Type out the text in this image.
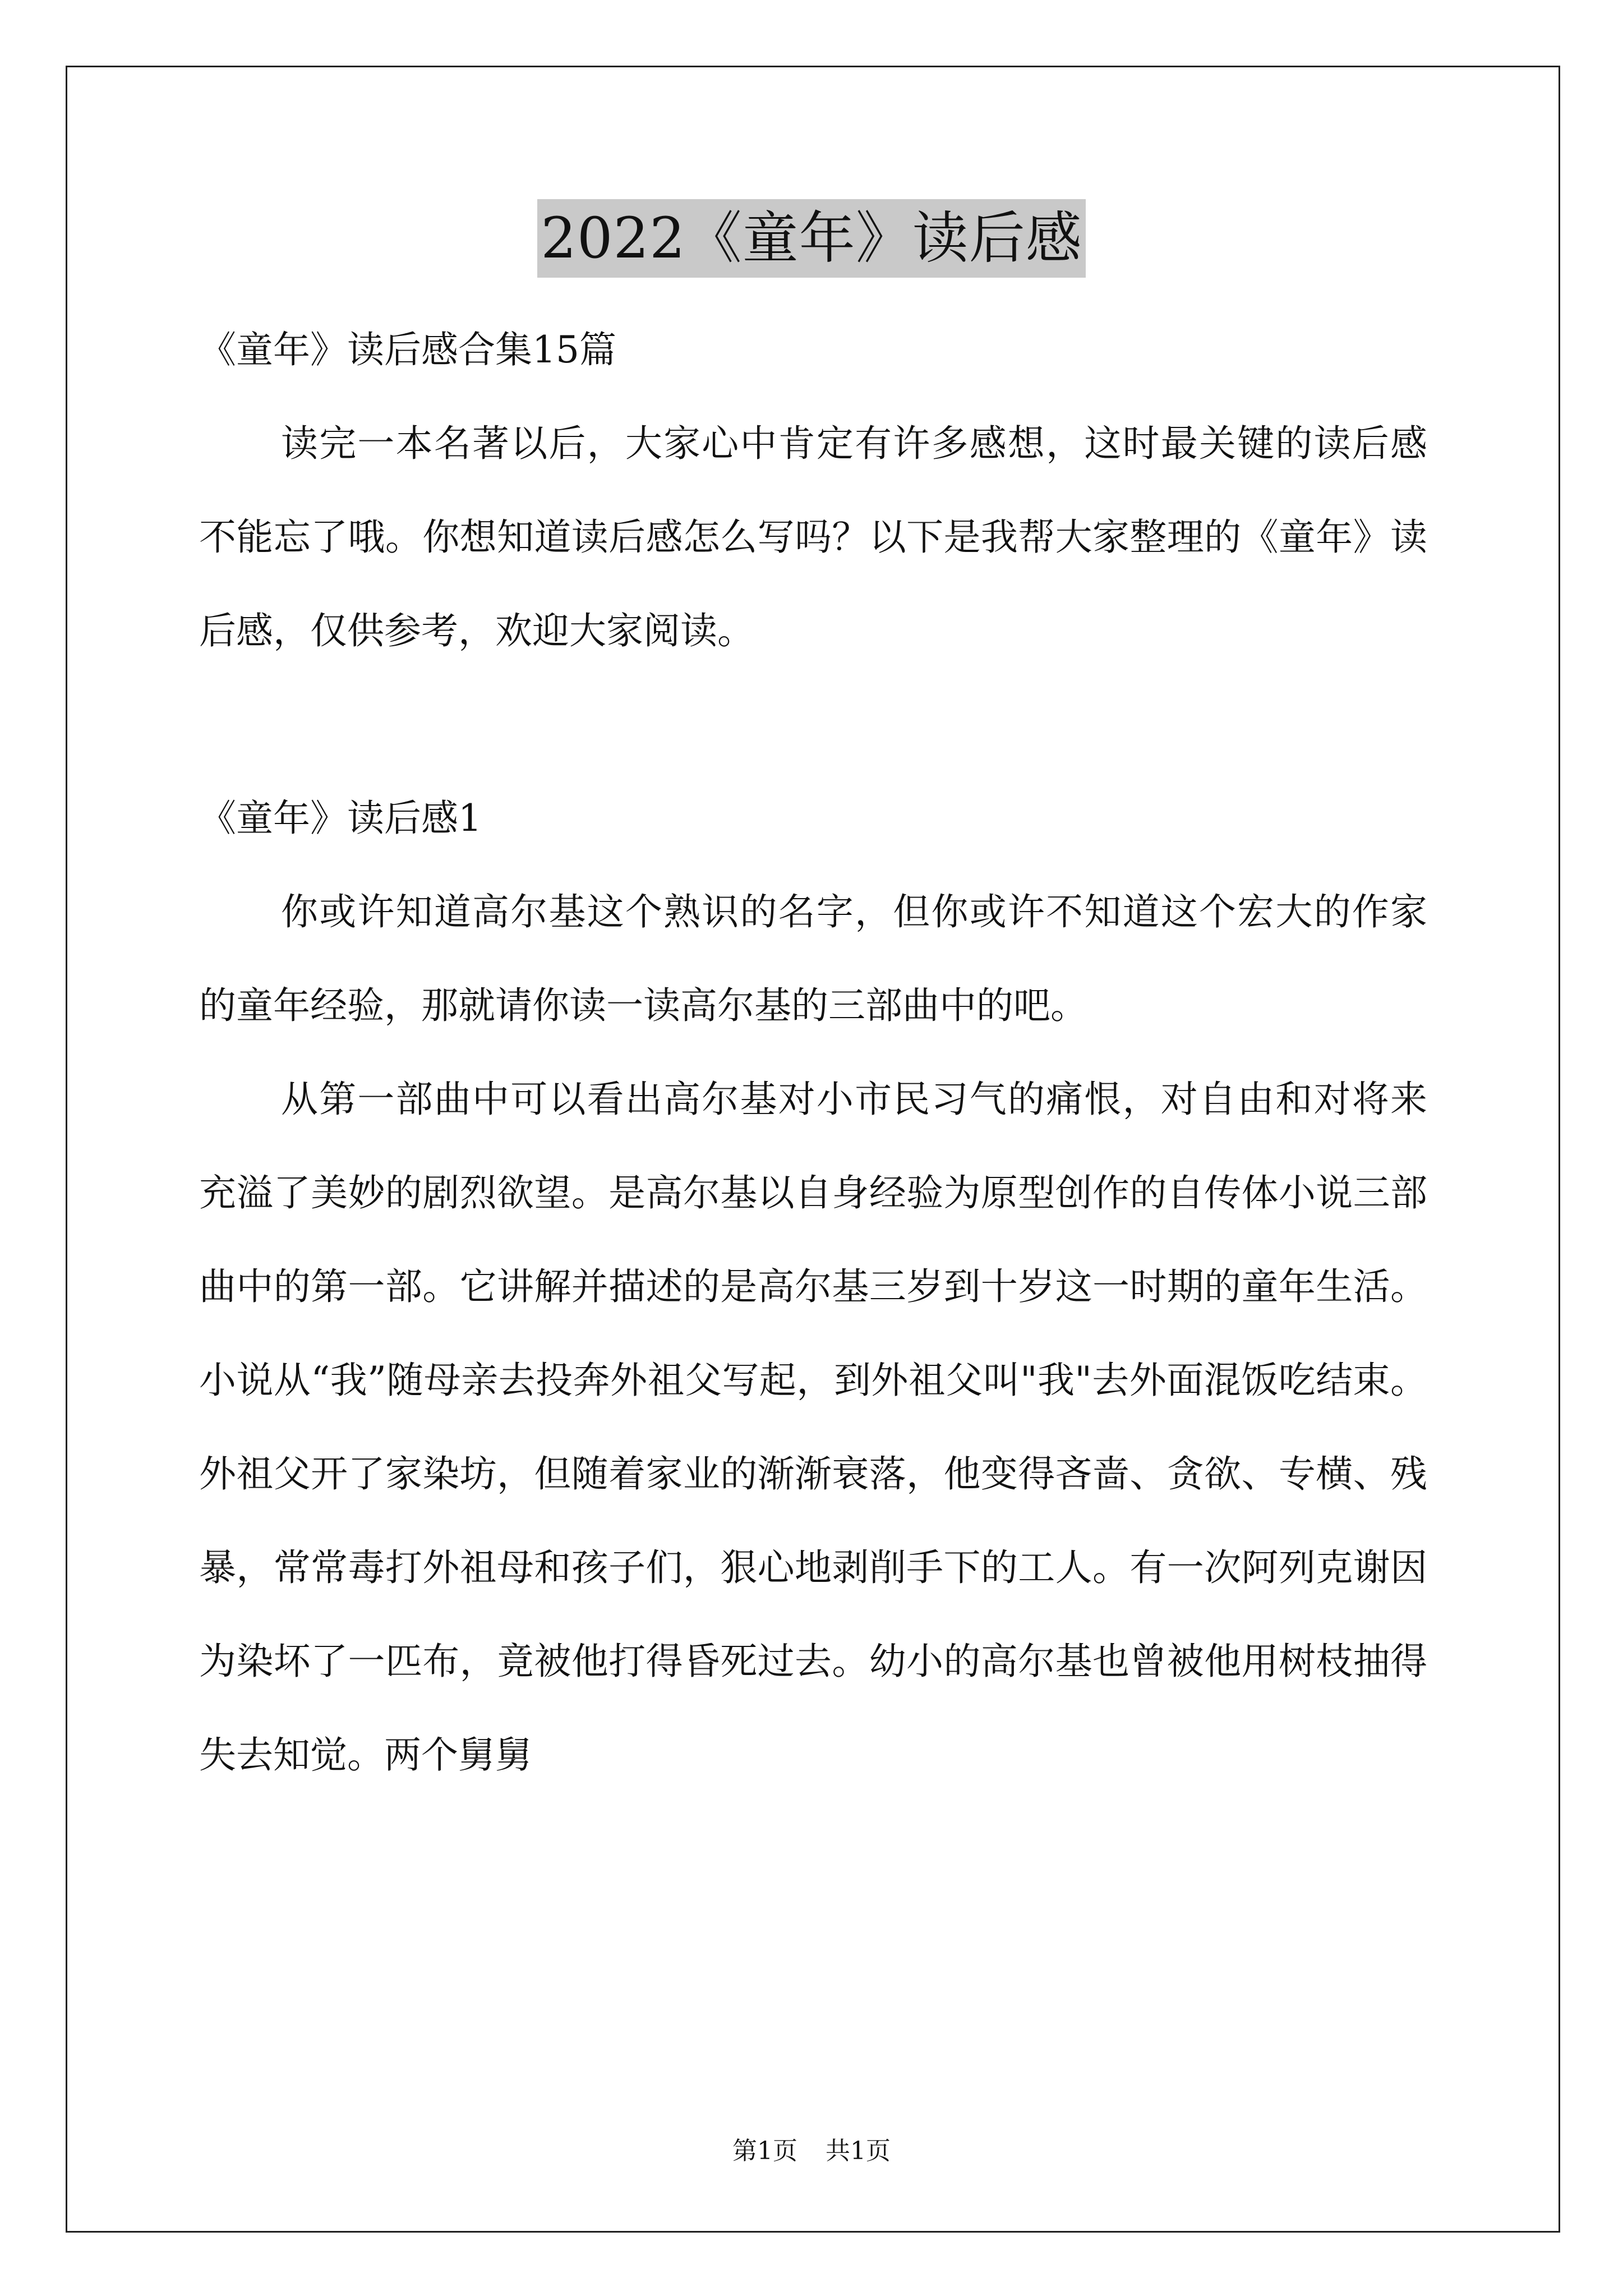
2022《童年》读后感

《童年》读后感合集15篇

读完一本名著以后，大家心中肯定有许多感想，这时最关键的读后感不能忘了哦。你想知道读后感怎么写吗？以下是我帮大家整理的《童年》读后感，仅供参考，欢迎大家阅读。

《童年》读后感1

你或许知道高尔基这个熟识的名字，但你或许不知道这个宏大的作家的童年经验，那就请你读一读高尔基的三部曲中的吧。

从第一部曲中可以看出高尔基对小市民习气的痛恨，对自由和对将来充溢了美妙的剧烈欲望。是高尔基以自身经验为原型创作的自传体小说三部曲中的第一部。它讲解并描述的是高尔基三岁到十岁这一时期的童年生活。小说从“我”随母亲去投奔外祖父写起，到外祖父叫"我"去外面混饭吃结束。外祖父开了家染坊，但随着家业的渐渐衰落，他变得吝啬、贪欲、专横、残暴，常常毒打外祖母和孩子们，狠心地剥削手下的工人。有一次阿列克谢因为染坏了一匹布，竟被他打得昏死过去。幼小的高尔基也曾被他用树枝抽得失去知觉。两个舅舅

第1页 共1页
